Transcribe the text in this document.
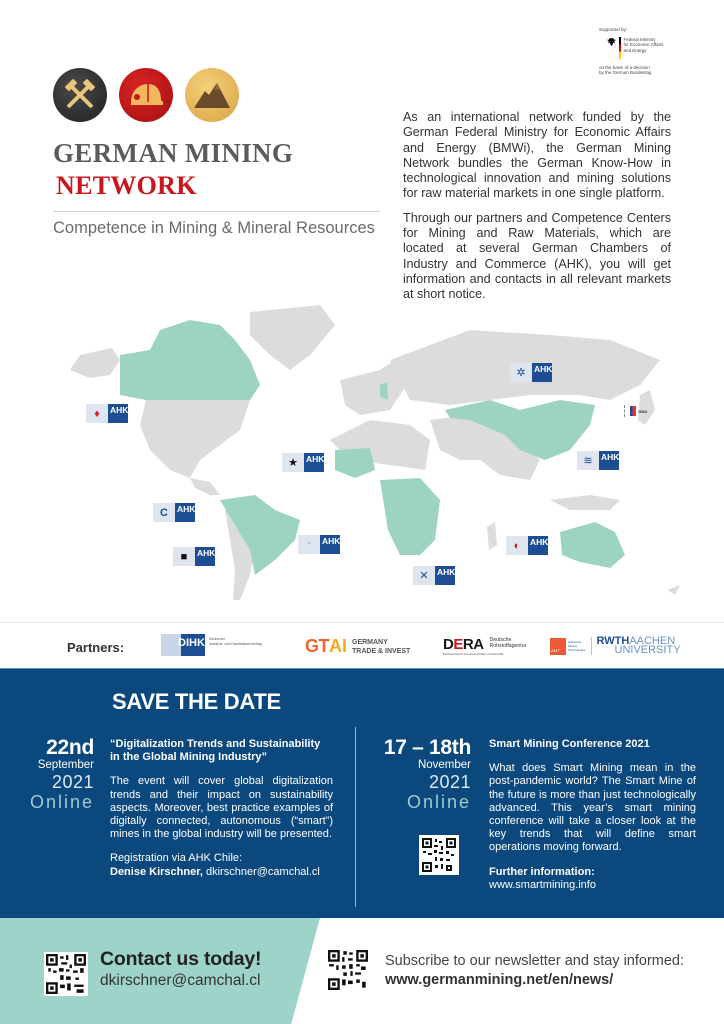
Supported by:
Federal Ministry
for Economic Affairs
and Energy
on the basis of a decision
by the German Bundestag
GERMAN MINING
NETWORK
Competence in Mining & Mineral Resources

As an international network funded by the German Federal Ministry for Economic Affairs and Energy (BMWi), the German Mining Network bundles the German Know-How in technological innovation and mining solutions for raw material markets in one single platform.

Through our partners and Competence Centers for Mining and Raw Materials, which are located at several German Chambers of Industry and Commerce (AHK), you will get information and contacts in all relevant markets at short notice.

♦	AHK
★ AHK
C	AHK
■	AHK
⌃	AHK
✲ AHK
≋ AHK
◐	AHK
✕ AHK
GMU
Partners:	DIHK Deutscher
Industrie- und Handelskammertag GT AI GERMANY
TRADE & INVEST DERA Deutsche
Rohstoffagentur
Bundesanstalt für Geowissenschaften und Rohstoffe
AMT
Advanced
Mining
Technologies
RWTHAACHEN
UNIVERSITY
SAVE THE DATE
22nd
September
2021
Online
“Digitalization Trends and Sustainability in the Global Mining Industry”

The event will cover global digitalization trends and their impact on sustainability aspects. Moreover, best practice examples of digitally connected, autonomous (“smart”) mines in the global industry will be presented.

Registration via AHK Chile:
Denise Kirschner, dkirschner@camchal.cl

17 – 18th
November
2021
Online
Smart Mining Conference 2021

What does Smart Mining mean in the post-pandemic world? The Smart Mine of the future is more than just technologically advanced. This year’s smart mining conference will take a closer look at the key trends that will define smart operations moving forward.

Further information:
www.smartmining.info

Contact us today!
dkirschner@camchal.cl
Subscribe to our newsletter and stay informed:
www.germanmining.net/en/news/
